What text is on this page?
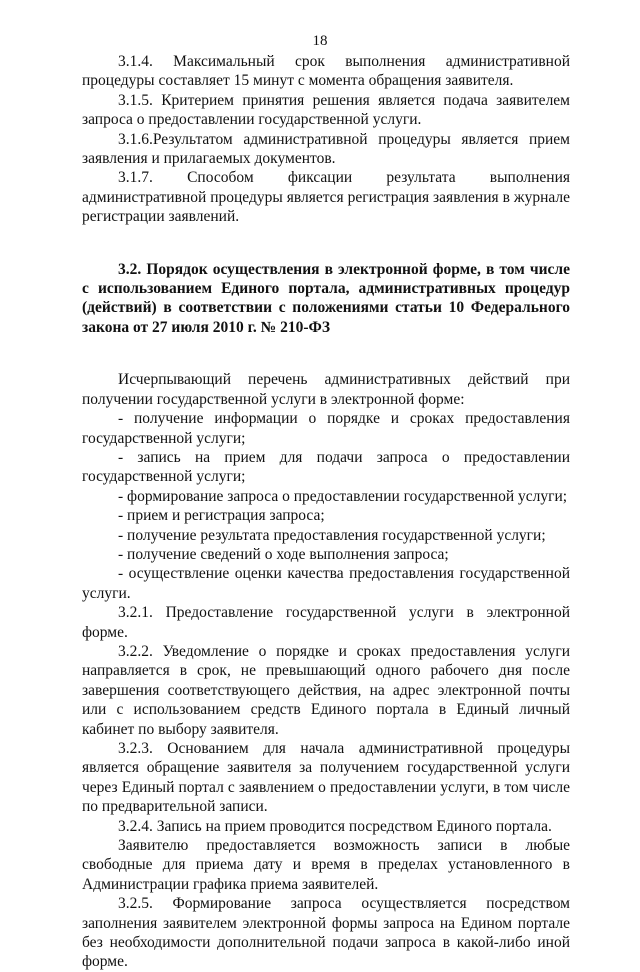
18

3.1.4. Максимальный срок выполнения административной процедуры составляет 15 минут с момента обращения заявителя.

3.1.5. Критерием принятия решения является подача заявителем запроса о предоставлении государственной услуги.

3.1.6.Результатом административной процедуры является прием заявления и прилагаемых документов.

3.1.7. Способом фиксации результата выполнения административной процедуры является регистрация заявления в журнале регистрации заявлений.

3.2. Порядок осуществления в электронной форме, в том числе с использованием Единого портала, административных процедур (действий) в соответствии с положениями статьи 10 Федерального закона от 27 июля 2010 г. № 210-ФЗ

Исчерпывающий перечень административных действий при получении государственной услуги в электронной форме:

- получение информации о порядке и сроках предоставления государственной услуги;

- запись на прием для подачи запроса о предоставлении государственной услуги;

- формирование запроса о предоставлении государственной услуги;

- прием и регистрация запроса;

- получение результата предоставления государственной услуги;

- получение сведений о ходе выполнения запроса;

- осуществление оценки качества предоставления государственной услуги.

3.2.1. Предоставление государственной услуги в электронной форме.

3.2.2. Уведомление о порядке и сроках предоставления услуги направляется в срок, не превышающий одного рабочего дня после завершения соответствующего действия, на адрес электронной почты или с использованием средств Единого портала в Единый личный кабинет по выбору заявителя.

3.2.3. Основанием для начала административной процедуры является обращение заявителя за получением государственной услуги через Единый портал с заявлением о предоставлении услуги, в том числе по предварительной записи.

3.2.4. Запись на прием проводится посредством Единого портала.

Заявителю предоставляется возможность записи в любые свободные для приема дату и время в пределах установленного в Администрации графика приема заявителей.

3.2.5. Формирование запроса осуществляется посредством заполнения заявителем электронной формы запроса на Едином портале без необходимости дополнительной подачи запроса в какой-либо иной форме.
